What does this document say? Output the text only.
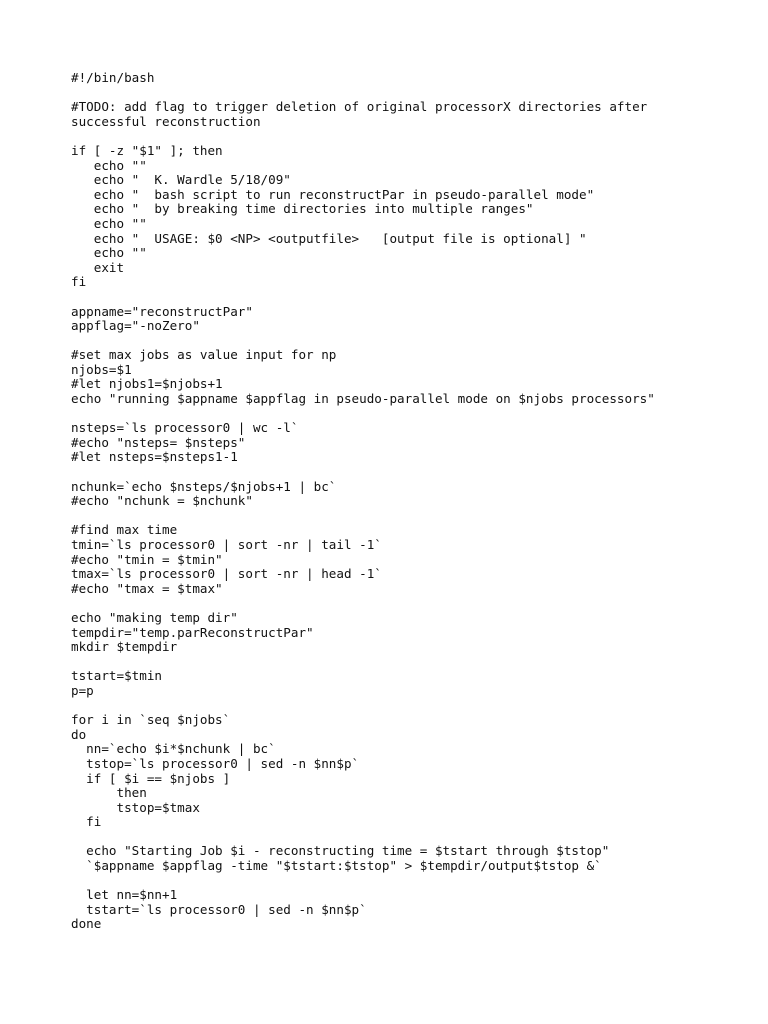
#!/bin/bash
#TODO: add flag to trigger deletion of original processorX directories after
successful reconstruction
if [ -z "$1" ]; then
echo ""
echo "  K. Wardle 5/18/09"
echo "  bash script to run reconstructPar in pseudo-parallel mode"
echo "  by breaking time directories into multiple ranges"
echo ""
echo "  USAGE: $0 <NP> <outputfile>   [output file is optional] "
echo ""
exit
fi
appname="reconstructPar"
appflag="-noZero"
#set max jobs as value input for np
njobs=$1
#let njobs1=$njobs+1
echo "running $appname $appflag in pseudo-parallel mode on $njobs processors"
nsteps=`ls processor0 | wc -l`
#echo "nsteps= $nsteps"
#let nsteps=$nsteps1-1
nchunk=`echo $nsteps/$njobs+1 | bc`
#echo "nchunk = $nchunk"
#find max time
tmin=`ls processor0 | sort -nr | tail -1`
#echo "tmin = $tmin"
tmax=`ls processor0 | sort -nr | head -1`
#echo "tmax = $tmax"
echo "making temp dir"
tempdir="temp.parReconstructPar"
mkdir $tempdir
tstart=$tmin
p=p
for i in `seq $njobs`
do
nn=`echo $i*$nchunk | bc`
tstop=`ls processor0 | sed -n $nn$p`
if [ $i == $njobs ]
then
tstop=$tmax
fi
echo "Starting Job $i - reconstructing time = $tstart through $tstop"
`$appname $appflag -time "$tstart:$tstop" > $tempdir/output$tstop &`
let nn=$nn+1
tstart=`ls processor0 | sed -n $nn$p`
done
